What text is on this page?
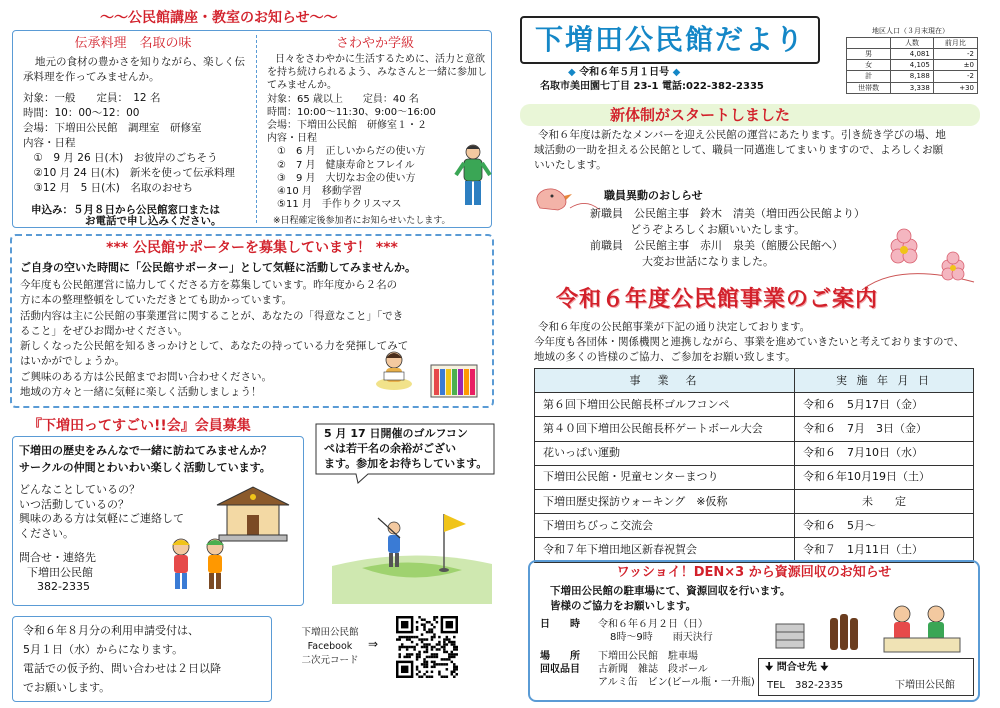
～～公民館講座・教室のお知らせ～～
伝承料理　名取の味

地元の食材の豊かさを知りながら、楽しく伝

承料理を作ってみませんか。

対象：一般　　定員：　12 名

時間：10：00～12：00

会場：下増田公民館　調理室　研修室

内容・日程

　①　9 月 26 日(木)　お彼岸のごちそう

　②10 月 24 日(木)　新米を使って伝承料理

　③12 月　5 日(木)　名取のおせち

申込み：５月８日から公民館窓口または

お電話で申し込みください。

さわやか学級

日々をさわやかに生活するために、活力と意欲

を持ち続けられるよう、みなさんと一緒に参加し

てみませんか。

対象：65 歳以上　　定員：40 名

時間：10:00～11:30、9:00～16:00

会場：下増田公民館　研修室１・２

内容・日程

　①　6 月　正しいからだの使い方

　②　7 月　健康寿命とフレイル

　③　9 月　大切なお金の使い方

　④10 月　移動学習

　⑤11 月　手作りクリスマス

※日程確定後参加者にお知らせいたします。
*** 公民館サポーターを募集しています！ ***
ご自身の空いた時間に「公民館サポーター」として気軽に活動してみませんか。

今年度も公民館運営に協力してくださる方を募集しています。昨年度から２名の

方に本の整理整頓をしていただきとても助かっています。

活動内容は主に公民館の事業運営に関することが、あなたの「得意なこと」「でき

ること」をぜひお聞かせください。

新しくなった公民館を知るきっかけとして、あなたの持っている力を発揮してみて

はいかがでしょうか。

ご興味のある方は公民館までお問い合わせください。

地域の方々と一緒に気軽に楽しく活動しましょう！

『下増田ってすごい!!会』会員募集

下増田の歴史をみんなで一緒に訪ねてみませんか？

サークルの仲間とわいわい楽しく活動しています。

どんなことしているの？

いつ活動しているの？

興味のある方は気軽にご連絡して

ください。

問合せ・連絡先

下増田公民館

382-2335

5 月 17 日開催のゴルフコン

ペは若干名の余裕がござい

ます。参加をお待ちしています。

令和６年８月分の利用申請受付は、

5月１日（水）からになります。

電話での仮予約、問い合わせは２日以降

でお願いします。

下増田公民館

Facebook

二次元コード

⇒
下増田公民館だより
◆ 令和６年５月１日号 ◆
名取市美田園七丁目 23-1 電話:022-382-2335
地区人口（３月末現在）
	人数	前月比
男	4,081	-2
女	4,105	±0
計	8,188	-2
世帯数	3,338	+30
新体制がスタートしました

令和６年度は新たなメンバーを迎え公民館の運営にあたります。引き続き学びの場、地

域活動の一助を担える公民館として、職員一同邁進してまいりますので、よろしくお願

いいたします。

職員異動のおしらせ

新職員　公民館主事　鈴木　清美（増田西公民館より）

どうぞよろしくお願いいたします。

前職員　公民館主事　赤川　泉美（館腰公民館へ）

大変お世話になりました。

令和６年度公民館事業のご案内

令和６年度の公民館事業が下記の通り決定しております。

今年度も各団体・関係機関と連携しながら、事業を進めていきたいと考えておりますので、

地域の多くの皆様のご協力、ご参加をお願い致します。

事　業　名	実 施 年 月 日
第６回下増田公民館長杯ゴルフコンペ	令和６　5月17日（金）
第４０回下増田公民館長杯ゲートボール大会	令和６　7月　3日（金）
花いっぱい運動	令和６　7月10日（水）
下増田公民館・児童センターまつり	令和６年10月19日（土）
下増田歴史探訪ウォーキング　※仮称	未　　定
下増田ちびっこ交流会	令和６　5月～
令和７年下増田地区新春祝賀会	令和７　1月11日（土）
ワッショイ！DEN×3 から資源回収のお知らせ

下増田公民館の駐車場にて、資源回収を行います。

皆様のご協力をお願いします。

日　　時	令和６年６月２日（日）
8時～9時　　雨天決行
場　　所	下増田公民館　駐車場
回収品目	古新聞　雑誌　段ボール
アルミ缶　ビン(ビール瓶・一升瓶)
🠋 問合せ先 🠋
TEL　382-2335	下増田公民館
